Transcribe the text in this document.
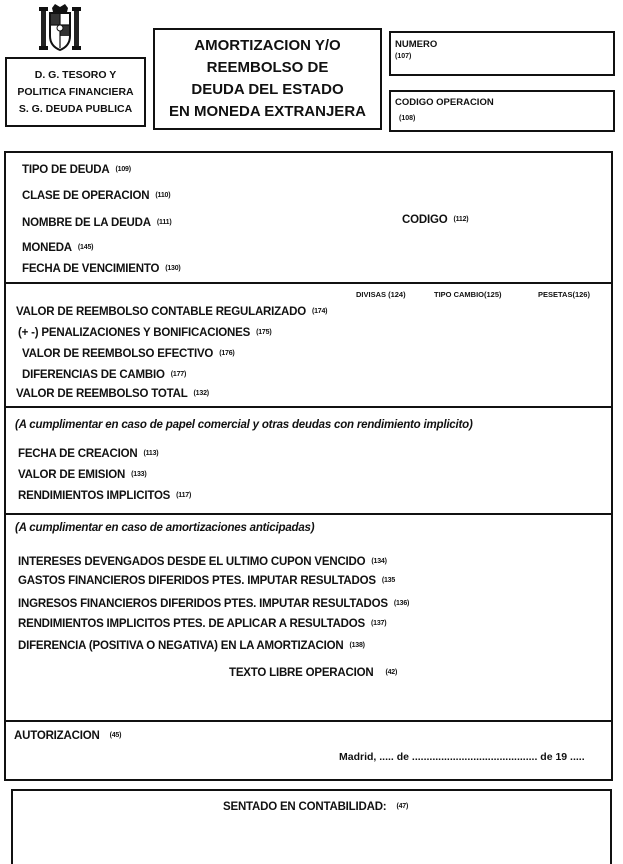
D. G. TESORO Y
POLITICA FINANCIERA
S. G. DEUDA PUBLICA
AMORTIZACION Y/O
REEMBOLSO DE
DEUDA DEL ESTADO
EN MONEDA EXTRANJERA
NUMERO
(107)
CODIGO OPERACION
(108)
TIPO DE DEUDA (109)
CLASE DE OPERACION (110)
NOMBRE DE LA DEUDA (111)	CODIGO (112)
MONEDA (145)
FECHA DE VENCIMIENTO (130)
DIVISAS (124)	TIPO CAMBIO(125)	PESETAS(126)
VALOR DE REEMBOLSO CONTABLE REGULARIZADO (174)
(+ -) PENALIZACIONES Y BONIFICACIONES (175)
VALOR DE REEMBOLSO EFECTIVO (176)
DIFERENCIAS DE CAMBIO (177)
VALOR DE REEMBOLSO TOTAL (132)
(A cumplimentar en caso de papel comercial y otras deudas con rendimiento implicito)
FECHA DE CREACION (113)
VALOR DE EMISION (133)
RENDIMIENTOS IMPLICITOS (117)
(A cumplimentar en caso de amortizaciones anticipadas)
INTERESES DEVENGADOS DESDE EL ULTIMO CUPON VENCIDO (134)
GASTOS FINANCIEROS DIFERIDOS PTES. IMPUTAR RESULTADOS (135
INGRESOS FINANCIEROS DIFERIDOS PTES. IMPUTAR RESULTADOS (136)
RENDIMIENTOS IMPLICITOS PTES. DE APLICAR A RESULTADOS (137)
DIFERENCIA (POSITIVA O NEGATIVA) EN LA AMORTIZACION (138)
TEXTO LIBRE OPERACION (42)
AUTORIZACION (45)
Madrid, ..... de ........................................... de 19 .....
SENTADO EN CONTABILIDAD: (47)
